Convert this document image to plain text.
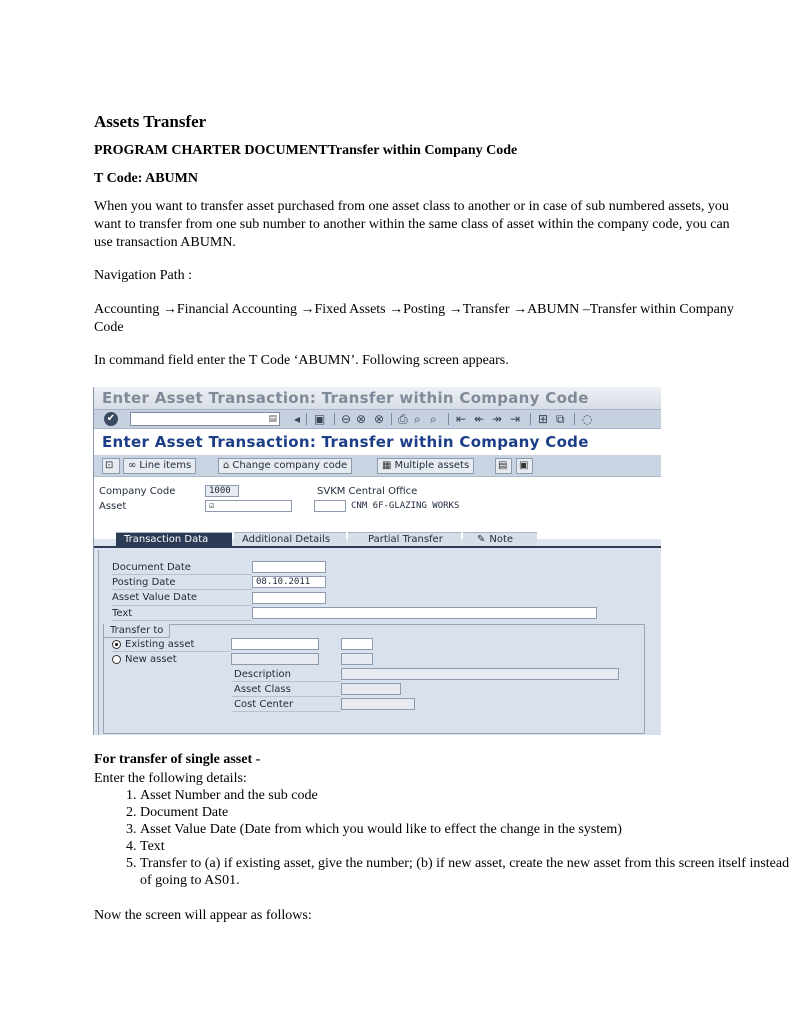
Assets Transfer

PROGRAM CHARTER DOCUMENTTransfer within Company Code

T Code: ABUMN

When you want to transfer asset purchased from one asset class to another or in case of sub numbered assets, you want to transfer from one sub number to another within the same class of asset within the company code, you can use transaction ABUMN.

Navigation Path :

Accounting →Financial Accounting →Fixed Assets →Posting →Transfer →ABUMN –Transfer within Company Code

In command field enter the T Code ‘ABUMN’. Following screen appears.

For transfer of single asset -

Enter the following details:

1. Asset Number and the sub code
2. Document Date
3. Asset Value Date (Date from which you would like to effect the change in the system)
4. Text
5. Transfer to (a) if existing asset, give the number; (b) if new asset, create the new asset from this screen itself instead of going to AS01.

Now the screen will appear as follows:

Enter Asset Transaction: Transfer within Company Code
✔	▤ ◂ ▣ ⊖ ⊗ ⊗ ⎙ ⌕ ⌕ ⇤ ↞ ↠ ⇥ ⊞ ⧉ ◌
Enter Asset Transaction: Transfer within Company Code
⊡	∞ Line items	⌂ Change company code	▦ Multiple assets	▤	▣
Company Code	1000	SVKM Central Office
Asset	☑	CNM 6F-GLAZING WORKS
Transaction Data	Additional Details	Partial Transfer	✎ Note
Document Date
Posting Date	08.10.2011
Asset Value Date
Text
Transfer to
Existing asset
New asset
Description
Asset Class
Cost Center
